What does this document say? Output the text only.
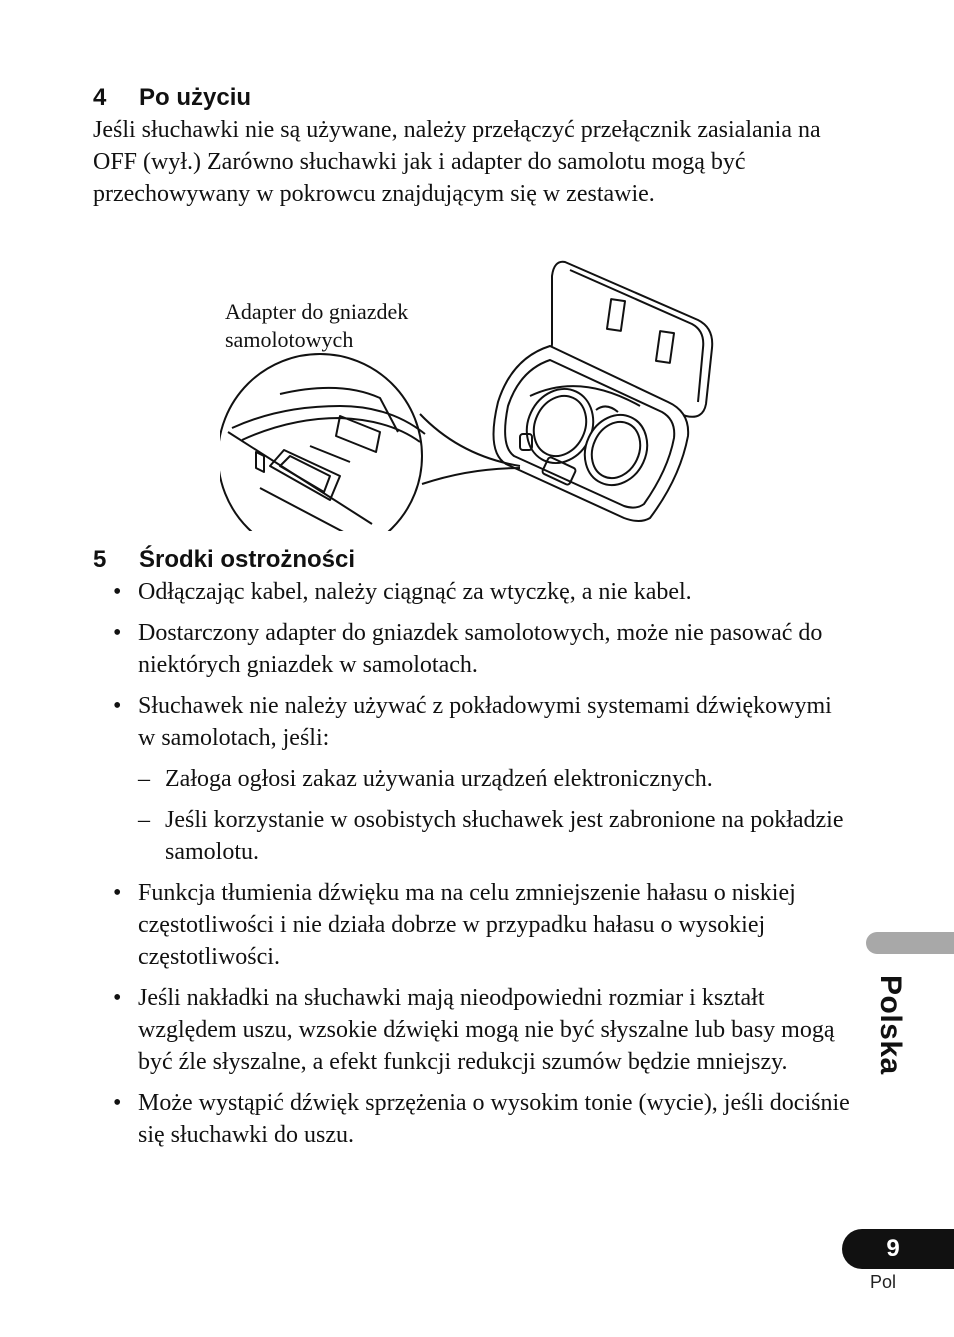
4 Po użyciu

Jeśli słuchawki nie są używane, należy przełączyć przełącznik zasialania na OFF (wył.) Zarówno słuchawki jak i adapter do samolotu mogą być przechowywany w pokrowcu znajdującym się w zestawie.

Adapter do gniazdek
samolotowych
5 Środki ostrożności
• Odłączając kabel, należy ciągnąć za wtyczkę, a nie kabel.
• Dostarczony adapter do gniazdek samolotowych, może nie pasować do niektórych gniazdek w samolotach.
• Słuchawek nie należy używać z pokładowymi systemami dźwiękowymi w samolotach, jeśli:
– Załoga ogłosi zakaz używania urządzeń elektronicznych.
– Jeśli korzystanie w osobistych słuchawek jest zabronione na pokładzie samolotu.
• Funkcja tłumienia dźwięku ma na celu zmniejszenie hałasu o niskiej częstotliwości i nie działa dobrze w przypadku hałasu o wysokiej częstotliwości.
• Jeśli nakładki na słuchawki mają nieodpowiedni rozmiar i kształt względem uszu, wzsokie dźwięki mogą nie być słyszalne lub basy mogą być źle słyszalne, a efekt funkcji redukcji szumów będzie mniejszy.
• Może wystąpić dźwięk sprzężenia o wysokim tonie (wycie), jeśli dociśnie się słuchawki do uszu.
Polska
9
Pol
